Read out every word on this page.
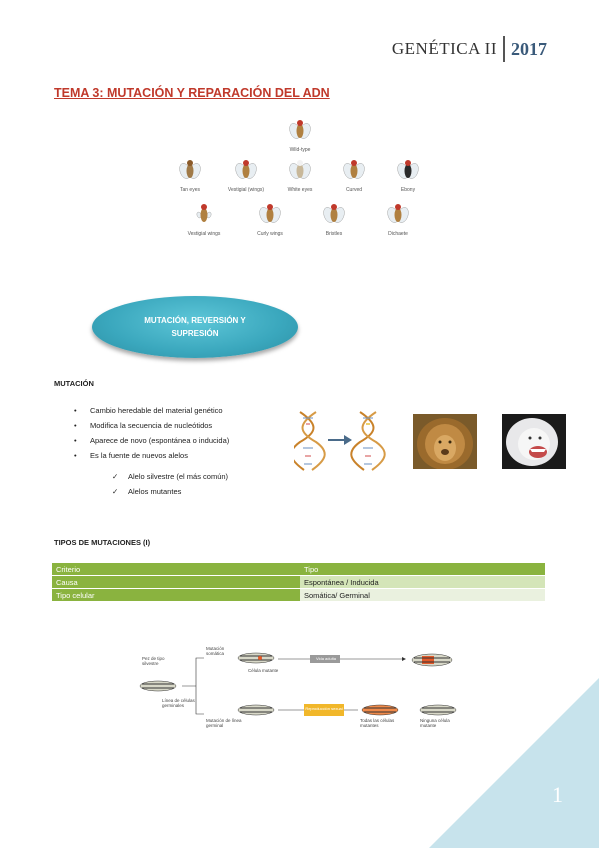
GENÉTICA II 2017
TEMA 3: MUTACIÓN Y REPARACIÓN DEL ADN
Wild-type
Tan eyes	Vestigial (wings)	White eyes	Curved	Ebony
Vestigial wings	Curly wings	Bristles	Dichaete
MUTACIÓN, REVERSIÓN Y SUPRESIÓN
MUTACIÓN
• Cambio heredable del material genético
• Modifica la secuencia de nucleótidos
• Aparece de novo (espontánea o inducida)
• Es la fuente de nuevos alelos
✓ Alelo silvestre (el más común)
✓ Alelos mutantes
TIPOS DE MUTACIONES (I)
Criterio	Tipo
Causa	Espontánea / Inducida
Tipo celular	Somática/ Germinal
Pez de tipo silvestre
Mutación somática
Célula mutante
Vida adulta
Línea de células germinales
Mutación de línea germinal
Reproducción sexual
Todas las células mutantes
Ninguna célula mutante
1
